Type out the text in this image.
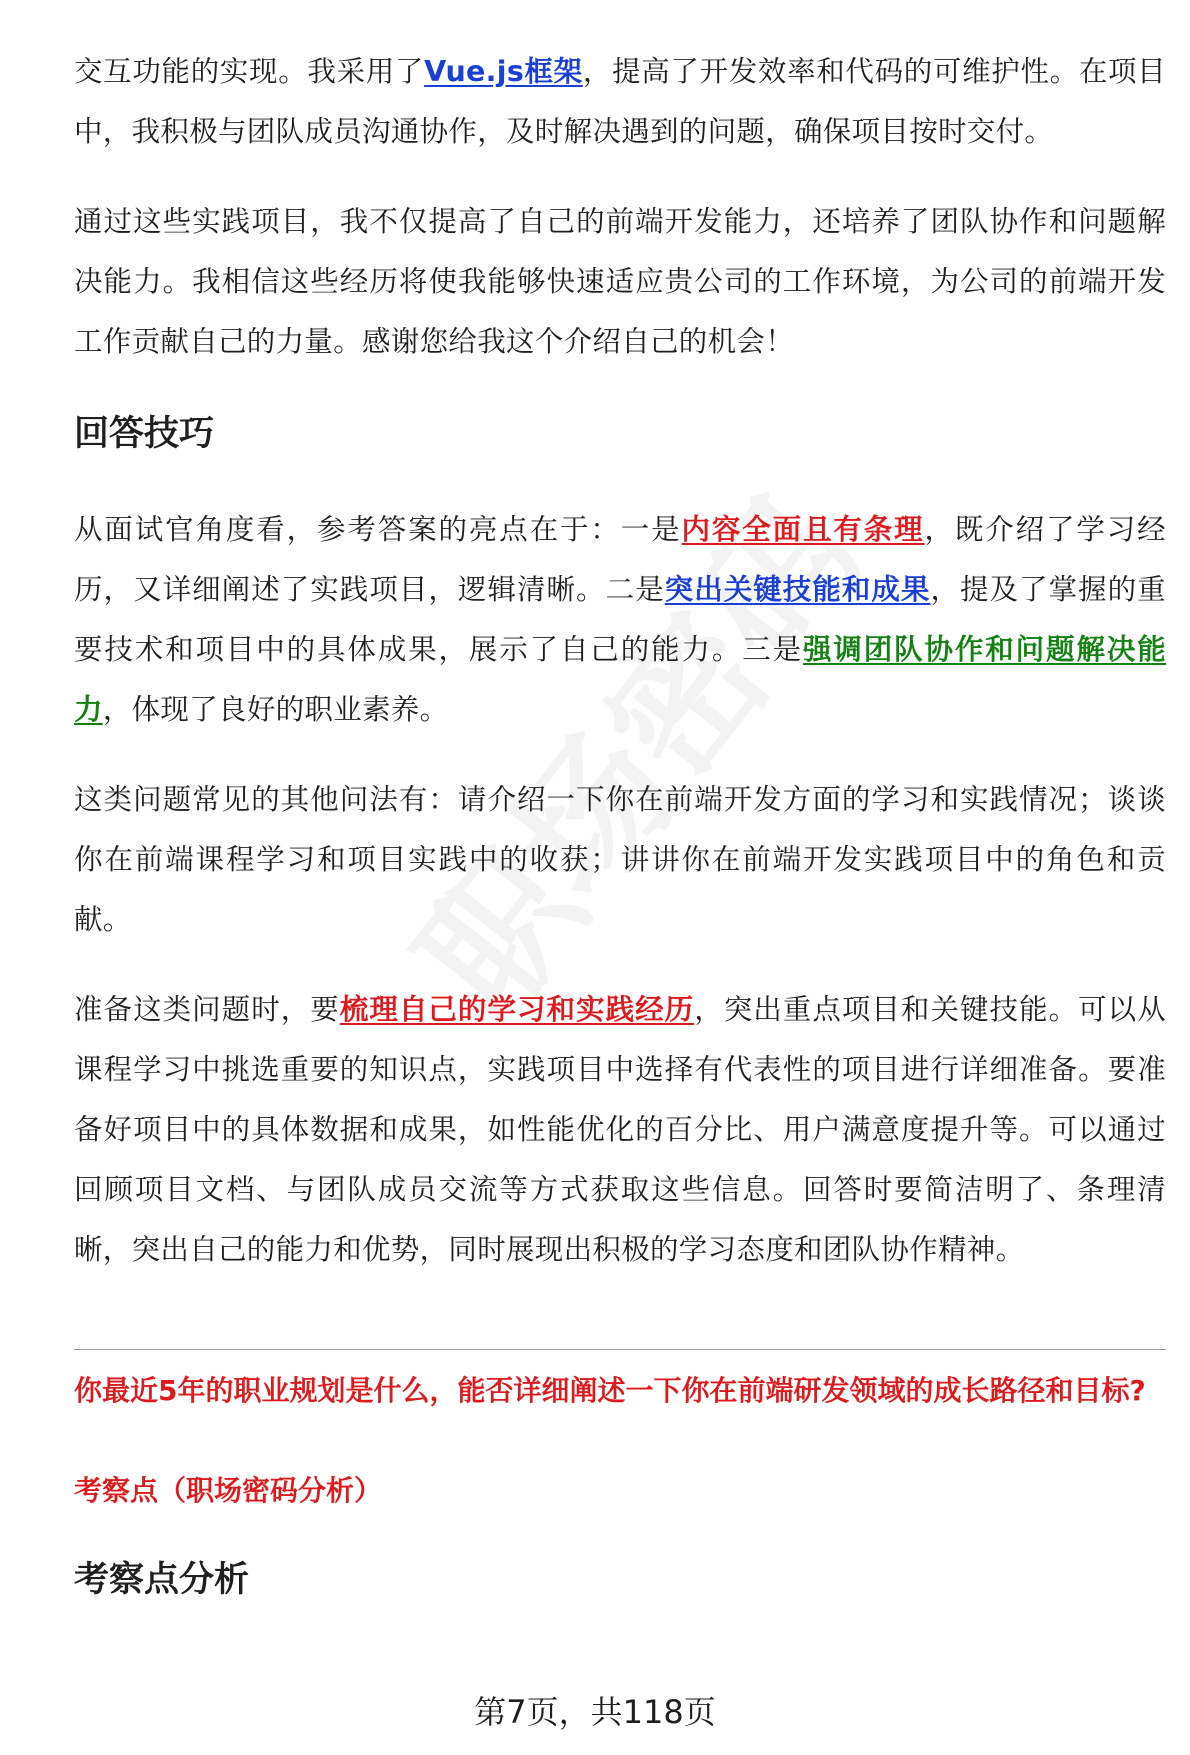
交互功能的实现。我采用了Vue.js框架，提高了开发效率和代码的可维护性。在项目中，我积极与团队成员沟通协作，及时解决遇到的问题，确保项目按时交付。

通过这些实践项目，我不仅提高了自己的前端开发能力，还培养了团队协作和问题解决能力。我相信这些经历将使我能够快速适应贵公司的工作环境，为公司的前端开发工作贡献自己的力量。感谢您给我这个介绍自己的机会！

回答技巧

从面试官角度看，参考答案的亮点在于：一是内容全面且有条理，既介绍了学习经历，又详细阐述了实践项目，逻辑清晰。二是突出关键技能和成果，提及了掌握的重要技术和项目中的具体成果，展示了自己的能力。三是强调团队协作和问题解决能力，体现了良好的职业素养。

这类问题常见的其他问法有：请介绍一下你在前端开发方面的学习和实践情况；谈谈你在前端课程学习和项目实践中的收获；讲讲你在前端开发实践项目中的角色和贡献。

准备这类问题时，要梳理自己的学习和实践经历，突出重点项目和关键技能。可以从课程学习中挑选重要的知识点，实践项目中选择有代表性的项目进行详细准备。要准备好项目中的具体数据和成果，如性能优化的百分比、用户满意度提升等。可以通过回顾项目文档、与团队成员交流等方式获取这些信息。回答时要简洁明了、条理清晰，突出自己的能力和优势，同时展现出积极的学习态度和团队协作精神。

你最近5年的职业规划是什么，能否详细阐述一下你在前端研发领域的成长路径和目标?

考察点（职场密码分析）

考察点分析
第7页，共118页
